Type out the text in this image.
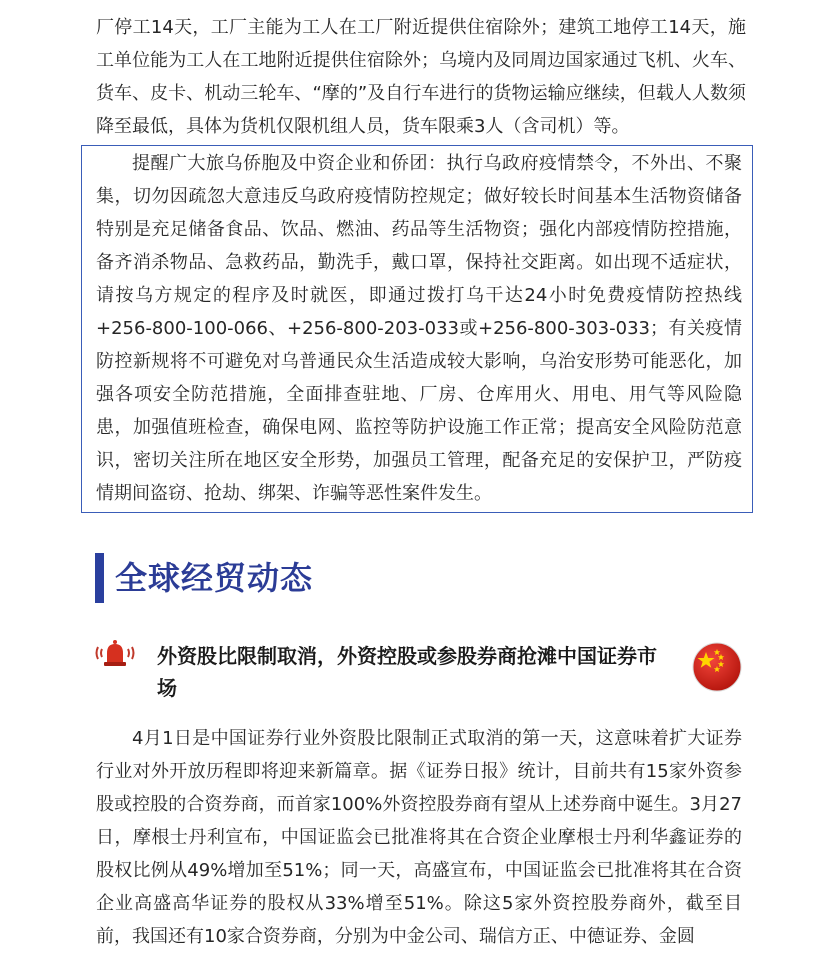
厂停工14天，工厂主能为工人在工厂附近提供住宿除外；建筑工地停工14天，施工单位能为工人在工地附近提供住宿除外；乌境内及同周边国家通过飞机、火车、货车、皮卡、机动三轮车、“摩的”及自行车进行的货物运输应继续，但载人人数须降至最低，具体为货机仅限机组人员，货车限乘3人（含司机）等。
提醒广大旅乌侨胞及中资企业和侨团：执行乌政府疫情禁令，不外出、不聚集，切勿因疏忽大意违反乌政府疫情防控规定；做好较长时间基本生活物资储备特别是充足储备食品、饮品、燃油、药品等生活物资；强化内部疫情防控措施，备齐消杀物品、急救药品，勤洗手，戴口罩，保持社交距离。如出现不适症状，请按乌方规定的程序及时就医，即通过拨打乌干达24小时免费疫情防控热线+256-800-100-066、+256-800-203-033或+256-800-303-033；有关疫情防控新规将不可避免对乌普通民众生活造成较大影响，乌治安形势可能恶化，加强各项安全防范措施，全面排查驻地、厂房、仓库用火、用电、用气等风险隐患，加强值班检查，确保电网、监控等防护设施工作正常；提高安全风险防范意识，密切关注所在地区安全形势，加强员工管理，配备充足的安保护卫，严防疫情期间盗窃、抢劫、绑架、诈骗等恶性案件发生。
全球经贸动态
外资股比限制取消，外资控股或参股券商抢滩中国证券市场
4月1日是中国证券行业外资股比限制正式取消的第一天，这意味着扩大证券行业对外开放历程即将迎来新篇章。据《证券日报》统计，目前共有15家外资参股或控股的合资券商，而首家100%外资控股券商有望从上述券商中诞生。3月27日，摩根士丹利宣布，中国证监会已批准将其在合资企业摩根士丹利华鑫证券的股权比例从49%增加至51%；同一天，高盛宣布，中国证监会已批准将其在合资企业高盛高华证券的股权从33%增至51%。除这5家外资控股券商外，截至目前，我国还有10家合资券商，分别为中金公司、瑞信方正、中德证券、金圆
